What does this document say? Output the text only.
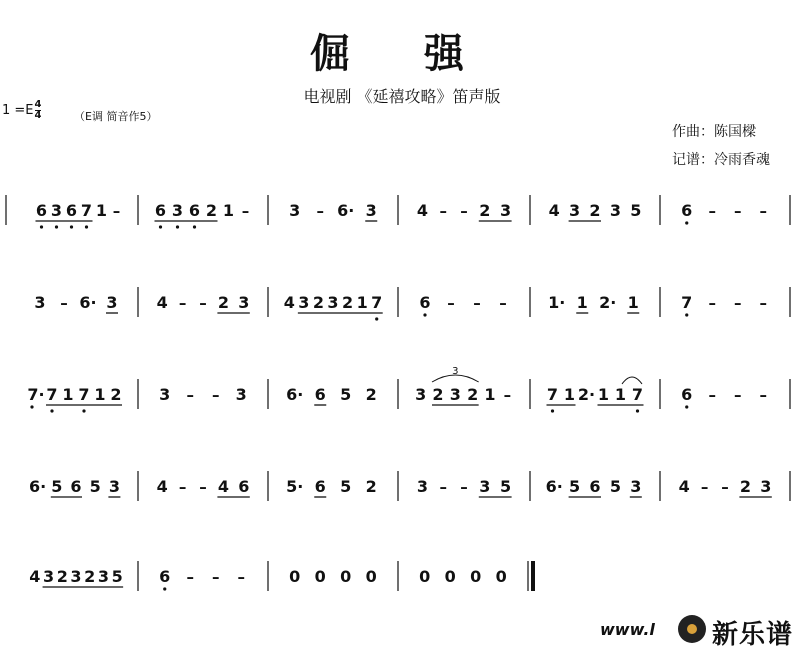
倔 强
电视剧 《延禧攻略》笛声版
$1 =E \frac{4}{4}$	（E调 简音作5）
作曲：陈国樑
记谱：冷雨香魂
6 3 6 7 1 – 6 3 6 2 1 – 3 – 6· 3	4 – – 2 3 4 3 2 3 5 6 – – –
3 – 6· 3 4 – – 2 3 4 3 2 3 2 1 7 6 – – –	1· 1 2· 1	7 – – –
7· 7 1 7 1 2 3 – – 3 6· 6 5 2 3 2 3 2 1 –
3
7 1 2· 1 1 7 6 – – –
6· 5 6 5 3 4 – – 4 6 5· 6 5 2	3 – – 3 5 6· 5 6 5 3 4 – – 2 3
4 3 2 3 2 3 5 6 – – –	0 0 0 0	0 0 0 0
www.l 新乐谱
